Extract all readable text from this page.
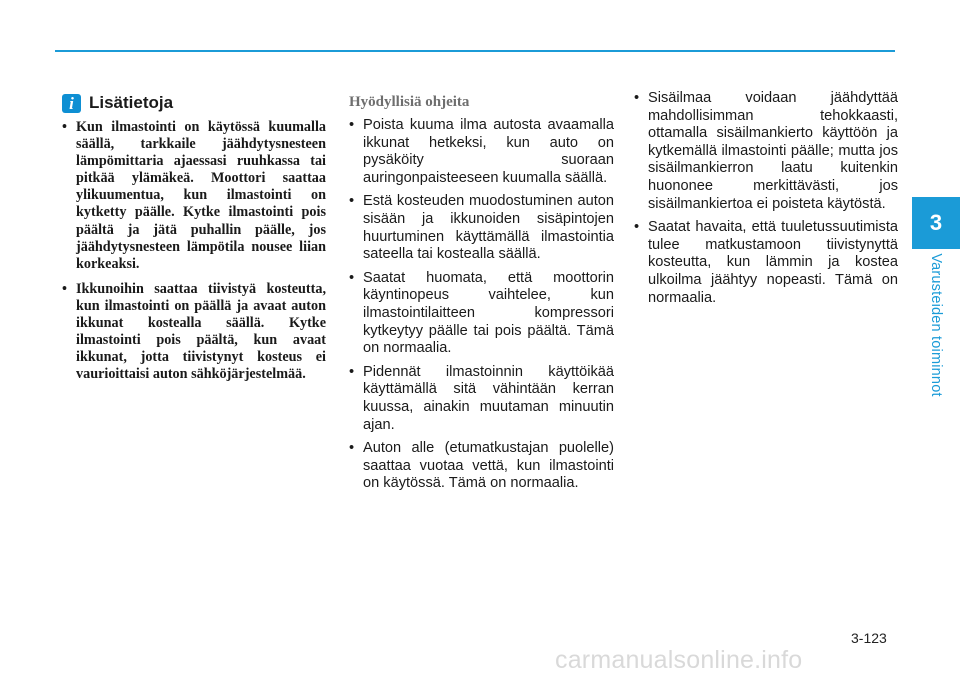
i Lisätietoja
• Kun ilmastointi on käytössä kuumalla säällä, tarkkaile jäähdytysnesteen lämpömittaria ajaessasi ruuhkassa tai pitkää ylämäkeä. Moottori saattaa ylikuumentua, kun ilmastointi on kytketty päälle. Kytke ilmastointi pois päältä ja jätä puhallin päälle, jos jäähdytysnesteen lämpötila nousee liian korkeaksi.
• Ikkunoihin saattaa tiivistyä kosteutta, kun ilmastointi on päällä ja avaat auton ikkunat kostealla säällä. Kytke ilmastointi pois päältä, kun avaat ikkunat, jotta tiivistynyt kosteus ei vaurioittaisi auton sähköjärjestelmää.
Hyödyllisiä ohjeita
• Poista kuuma ilma autosta avaamalla ikkunat hetkeksi, kun auto on pysäköity suoraan auringonpaisteeseen kuumalla säällä.
• Estä kosteuden muodostuminen auton sisään ja ikkunoiden sisäpintojen huurtuminen käyttämällä ilmastointia sateella tai kostealla säällä.
• Saatat huomata, että moottorin käyntinopeus vaihtelee, kun ilmastointilaitteen kompressori kytkeytyy päälle tai pois päältä. Tämä on normaalia.
• Pidennät ilmastoinnin käyttöikää käyttämällä sitä vähintään kerran kuussa, ainakin muutaman minuutin ajan.
• Auton alle (etumatkustajan puolelle) saattaa vuotaa vettä, kun ilmastointi on käytössä. Tämä on normaalia.
• Sisäilmaa voidaan jäähdyttää mahdollisimman tehokkaasti, ottamalla sisäilmankierto käyttöön ja kytkemällä ilmastointi päälle; mutta jos sisäilmankierron laatu kuitenkin huononee merkittävästi, jos sisäilmankiertoa ei poisteta käytöstä.
• Saatat havaita, että tuuletussuutimista tulee matkustamoon tiivistynyttä kosteutta, kun lämmin ja kostea ulkoilma jäähtyy nopeasti. Tämä on normaalia.
3
Varusteiden toiminnot
3-123
carmanualsonline.info
